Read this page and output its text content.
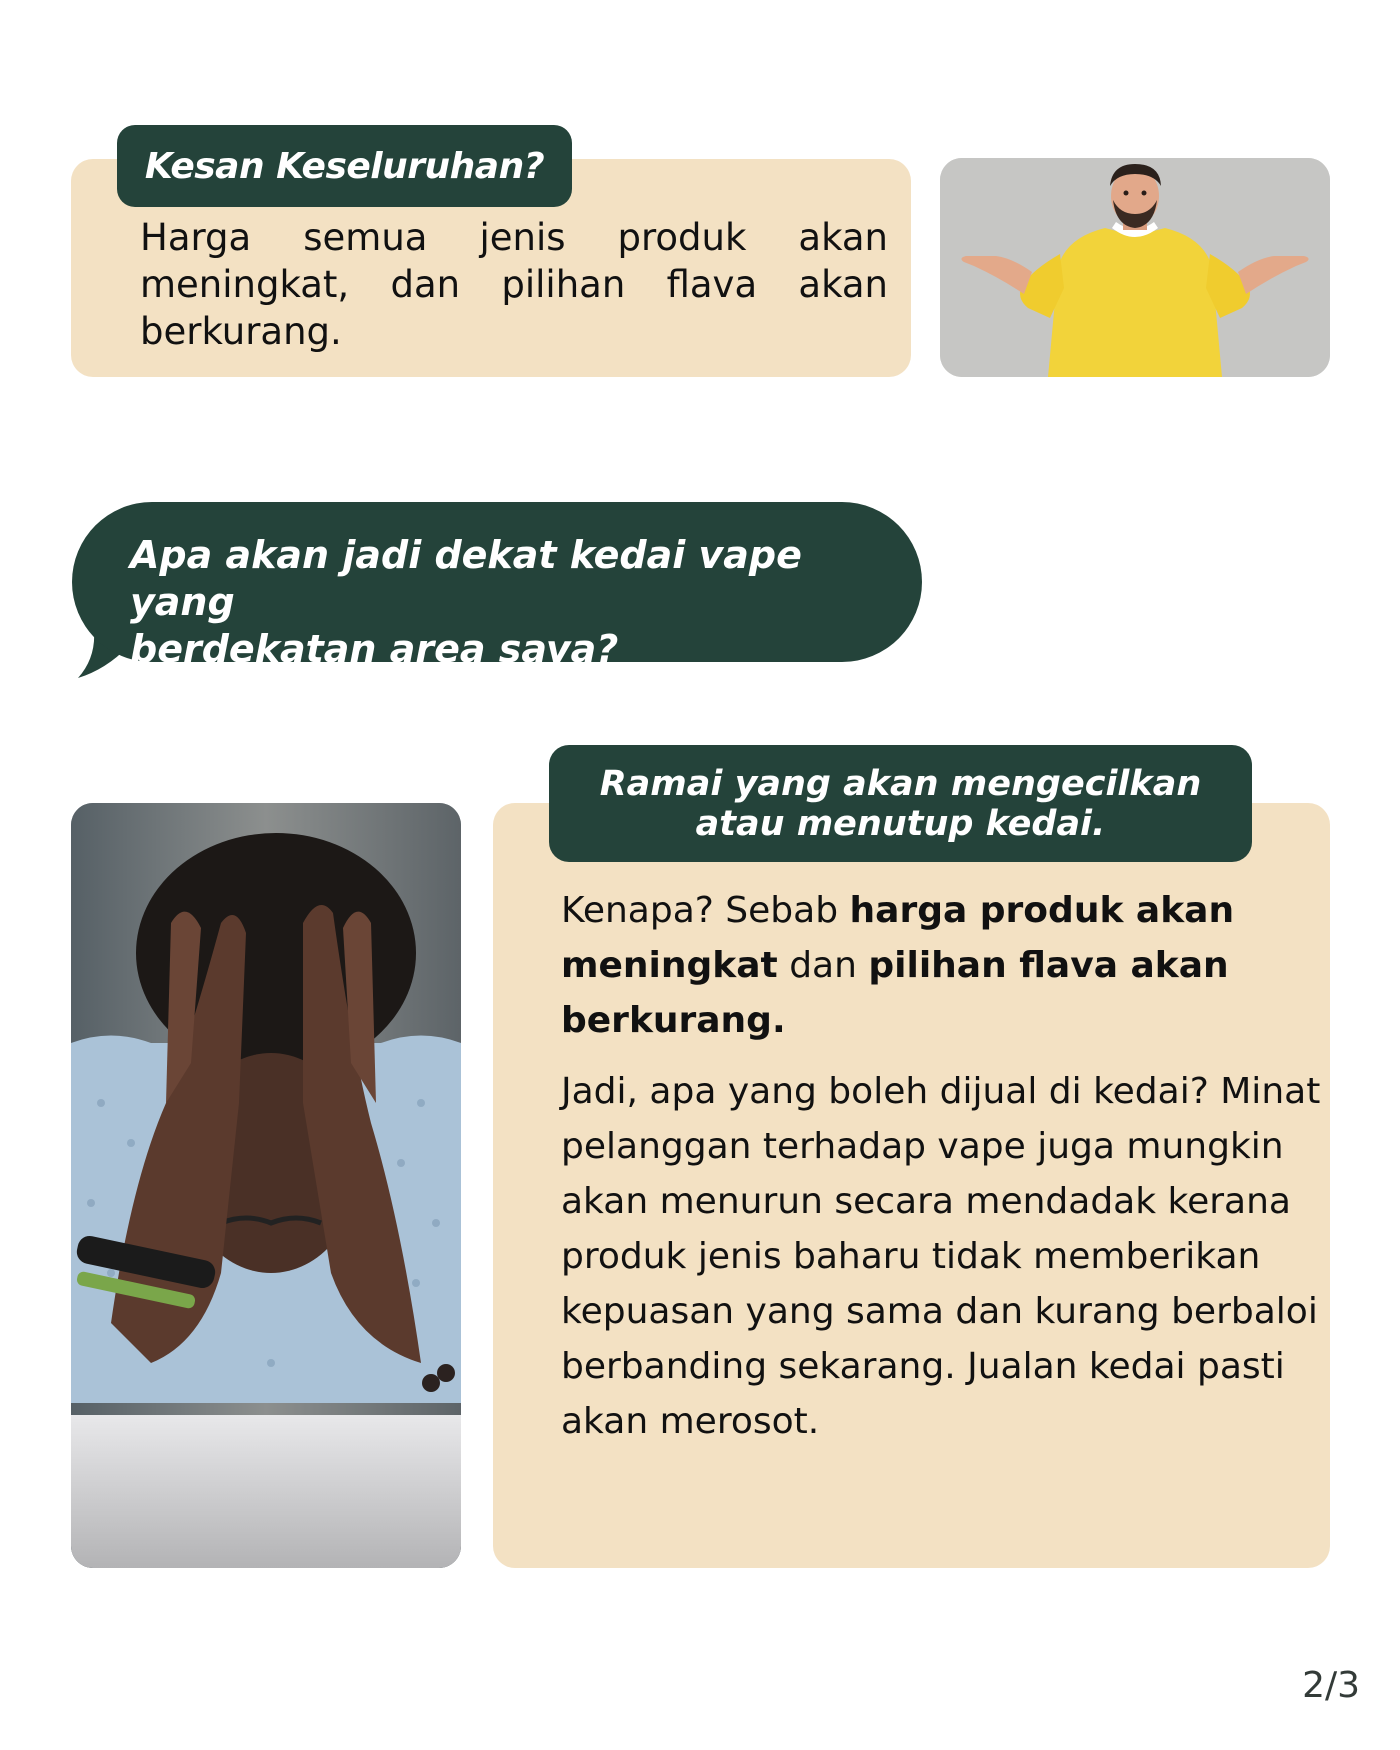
Kesan Keseluruhan?
Harga semua jenis produk akan meningkat, dan pilihan flava akan berkurang.
Apa akan jadi dekat kedai vape yang
berdekatan area saya?
Ramai yang akan mengecilkan
atau menutup kedai.

Kenapa? Sebab harga produk akan meningkat dan pilihan flava akan berkurang.

Jadi, apa yang boleh dijual di kedai? Minat pelanggan terhadap vape juga mungkin akan menurun secara mendadak kerana produk jenis baharu tidak memberikan kepuasan yang sama dan kurang berbaloi berbanding sekarang. Jualan kedai pasti akan merosot.

2/3
